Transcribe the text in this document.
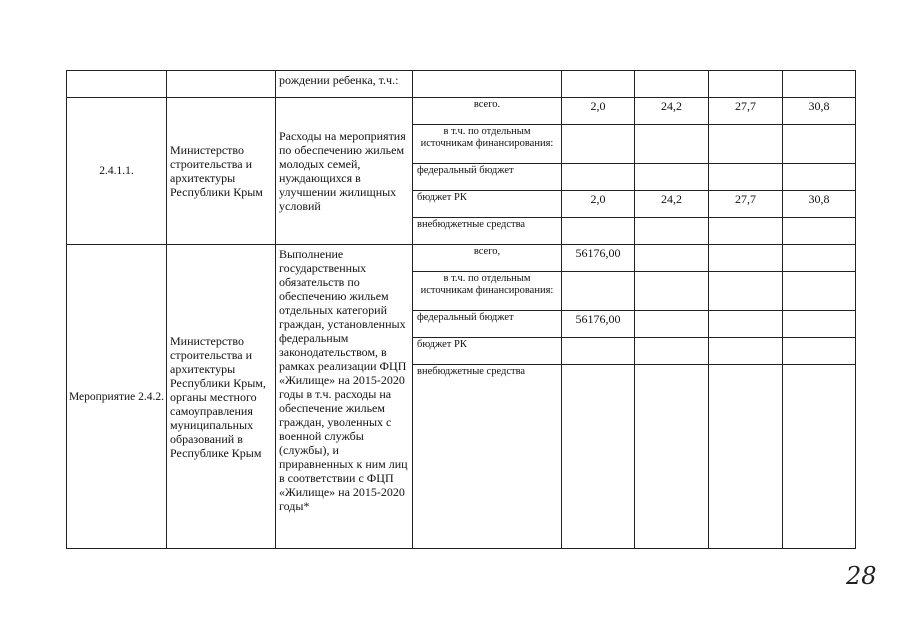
		рождении ребенка, т.ч.:					
2.4.1.1.	Министерство строительства и архитектуры Республики Крым	Расходы на мероприятия по обеспечению жильем молодых семей, нуждающихся в улучшении жилищных условий	всего.	2,0	24,2	27,7	30,8
			в т.ч. по отдельным источникам финансирования:				
			федеральный бюджет				
			бюджет РК	2,0	24,2	27,7	30,8
			внебюджетные средства				
Мероприятие 2.4.2.	Министерство строительства и архитектуры Республики Крым, органы местного самоуправления муниципальных образований в Республике Крым	Выполнение государственных обязательств по обеспечению жильем отдельных категорий граждан, установленных федеральным законодательством, в рамках реализации ФЦП «Жилище» на 2015-2020 годы в т.ч. расходы на обеспечение жильем граждан, уволенных с военной службы (службы), и приравненных к ним лиц в соответствии с ФЦП «Жилище» на 2015-2020 годы*	всего,	56176,00			
			в т.ч. по отдельным источникам финансирования:				
			федеральный бюджет	56176,00			
			бюджет РК				
			внебюджетные средства				
28
